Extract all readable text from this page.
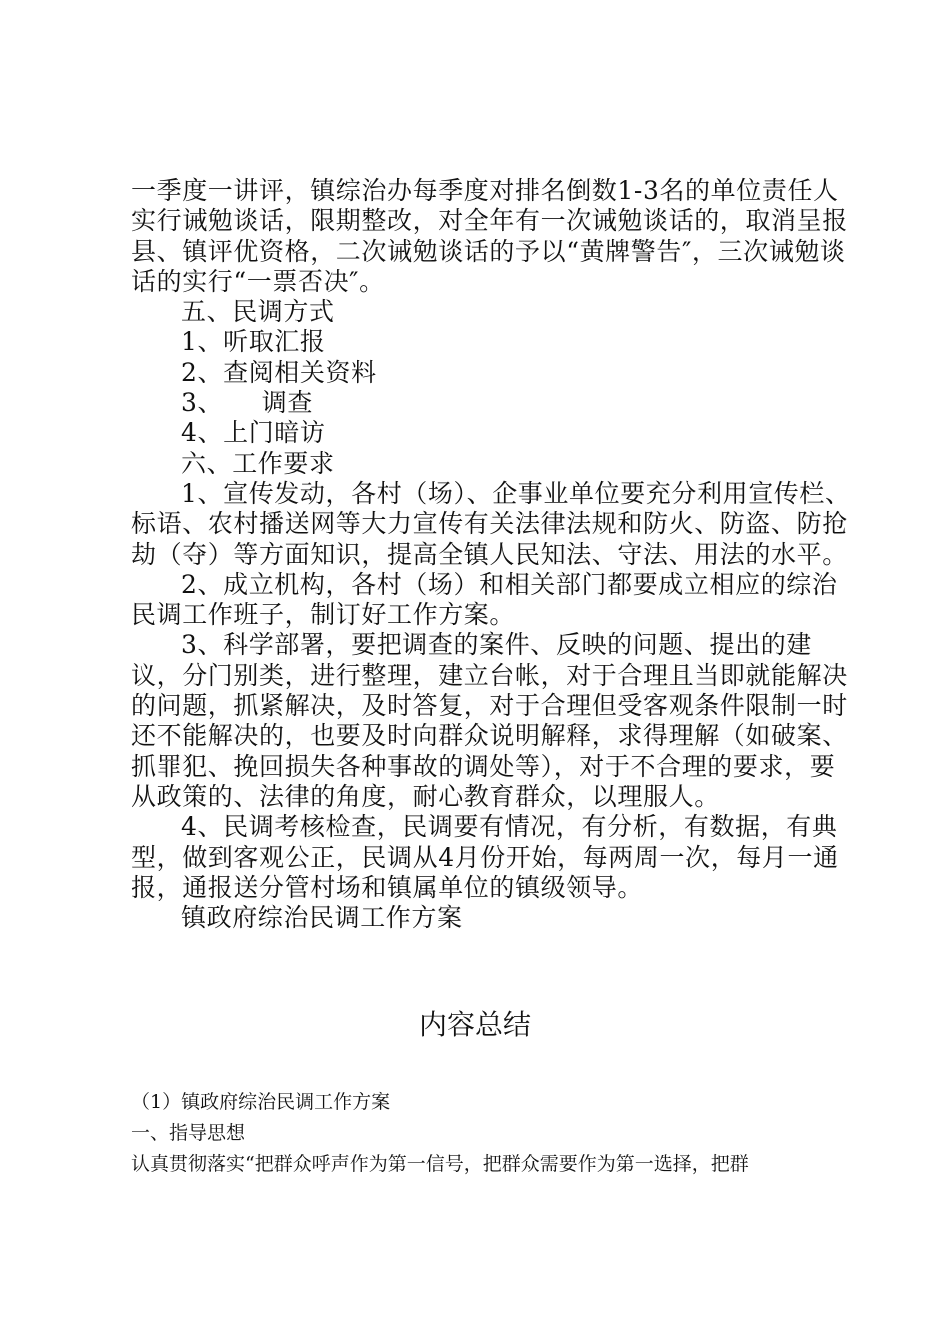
一季度一讲评，镇综治办每季度对排名倒数1-3名的单位责任人实行诫勉谈话，限期整改，对全年有一次诫勉谈话的，取消呈报县、镇评优资格，二次诫勉谈话的予以“黄牌警告″，三次诫勉谈话的实行“一票否决″。

五、民调方式

1、听取汇报

2、查阅相关资料

3、　　调查

4、上门暗访

六、工作要求

1、宣传发动，各村（场）、企事业单位要充分利用宣传栏、标语、农村播送网等大力宣传有关法律法规和防火、防盗、防抢劫（夺）等方面知识，提高全镇人民知法、守法、用法的水平。

2、成立机构，各村（场）和相关部门都要成立相应的综治民调工作班子，制订好工作方案。

3、科学部署，要把调查的案件、反映的问题、提出的建议，分门别类，进行整理，建立台帐，对于合理且当即就能解决的问题，抓紧解决，及时答复，对于合理但受客观条件限制一时还不能解决的，也要及时向群众说明解释，求得理解（如破案、抓罪犯、挽回损失各种事故的调处等），对于不合理的要求，要从政策的、法律的角度，耐心教育群众，以理服人。

4、民调考核检查，民调要有情况，有分析，有数据，有典型，做到客观公正，民调从4月份开始，每两周一次，每月一通报，通报送分管村场和镇属单位的镇级领导。

镇政府综治民调工作方案

内容总结

（1）镇政府综治民调工作方案

一、指导思想

认真贯彻落实“把群众呼声作为第一信号，把群众需要作为第一选择，把群
